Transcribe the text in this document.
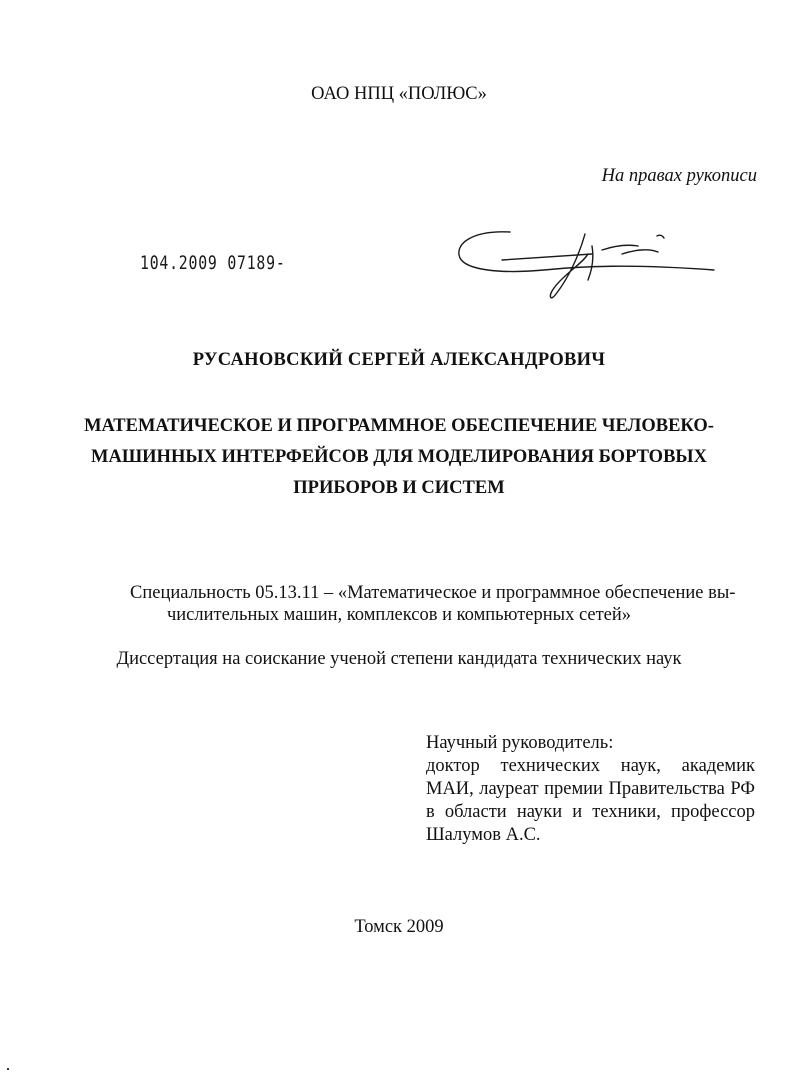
ОАО НПЦ «ПОЛЮС»
На правах рукописи
104.2009 07189-
РУСАНОВСКИЙ СЕРГЕЙ АЛЕКСАНДРОВИЧ
МАТЕМАТИЧЕСКОЕ И ПРОГРАММНОЕ ОБЕСПЕЧЕНИЕ ЧЕЛОВЕКО-
МАШИННЫХ ИНТЕРФЕЙСОВ ДЛЯ МОДЕЛИРОВАНИЯ БОРТОВЫХ
ПРИБОРОВ И СИСТЕМ
Специальность 05.13.11 – «Математическое и программное обеспечение вы-
числительных машин, комплексов и компьютерных сетей»
Диссертация на соискание ученой степени кандидата технических наук
Научный руководитель:
доктор технических наук, академик
МАИ, лауреат премии Правительства РФ
в области науки и техники, профессор
Шалумов А.С.
Томск 2009
